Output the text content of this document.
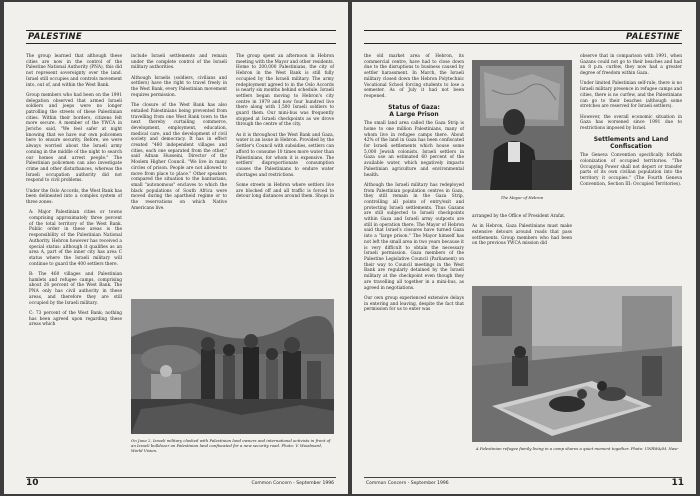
PALESTINE

The group learned that although these cities are now in the control of the Palestine National Authority (PNA), this did not represent sovereignty over the land. Israel still occupies and controls movement into, out of, and within the West Bank.

Group members who had been on the 1991 delegation observed that armed Israeli soldiers and jeeps were no longer patrolling the streets of these Palestinian cities. Within their borders, citizens felt more secure. A member of the YWCA in Jericho said, "We feel safer at night knowing that we have our own policemen here to ensure security. Before, we were always worried about the Israeli army coming in the middle of the night to search our homes and arrest people." The Palestinian policemen can also investigate crime and other disturbances, whereas the Israeli occupation authority did not respond to civil problems.

Under the Oslo Accords, the West Bank has been delineated into a complex system of three zones:

A: Major Palestinian cities or towns comprising approximately three percent of the total territory of the West Bank. Public order in these areas is the responsibility of the Palestinian National Authority. Hebron however has received a special status: although it qualifies as an area A, part of the inner city has area C status where the Israeli military will continue to guard the 400 settlers there.

B: The 460 villages and Palestinian hamlets and refugee camps, comprising about 26 percent of the West Bank. The PNA only has civil authority in these areas, and therefore they are still occupied by the Israeli military.

C: 73 percent of the West Bank; nothing has been agreed upon regarding these areas which

include Israeli settlements and remain under the complete control of the Israeli military authorities.

Although Israelis (soldiers, civilians and settlers) have the right to travel freely in the West Bank, every Palestinian movement requires permission.

The closure of the West Bank has also entailed Palestinians being prevented from travelling from one West Bank town to the next thereby curtailing commerce, development, employment, education, medical care, and the development of civil society and democracy. It has in effect created "460 independent villages and cities, each one separated from the other," said Adnan Husseini, Director of the Moslem Higher Council. "We live in many circles of prison. People are not allowed to move from place to place." Other speakers compared the situation to the bantustans, small "autonomous" enclaves to which the black populations of South Africa were moved during the apartheid regime or to the reservations on which Native Americans live.

The group spent an afternoon in Hebron meeting with the Mayor and other residents. Home to 200,000 Palestinians, the city of Hebron in the West Bank is still fully occupied by the Israeli military. The army redeployment agreed to in the Oslo Accords is nearly six months behind schedule. Israeli settlers began moving to Hebron's city centre in 1979 and now four hundred live there along with 1,500 Israeli soldiers to guard them. Our mini-bus was frequently stopped at Israeli checkpoints as we drove through the centre of the city.

As it is throughout the West Bank and Gaza, water is an issue in Hebron. Provided by the Settler's Council with subsidies, settlers can afford to consume 10 times more water than Palestinians, for whom it is expensive. The settlers' disproportionate consumption causes the Palestinians to endure water shortages and restrictions.

Some streets in Hebron where settlers live are blocked off and all traffic is forced to detour long distances around them. Shops in

On June 2, Israeli military clashed with Palestinian land owners and international activists in front of an Israeli bulldozer on Palestinian land confiscated for a new security road. Photo: V. Woodward, World Vision.
10	Common Concern - September 1996
PALESTINE

the old market area of Hebron, its commercial centre, have had to close down due to the disruptions to business caused by settler harassment. In March, the Israeli military closed down the Hebron Polytechnic Vocational School forcing students to lose a semester. As of July it had not been reopened.

Status of Gaza:
A Large Prison

The small land area called the Gaza Strip is home to one million Palestinians, many of whom live in refugee camps there. About 42% of the land in Gaza has been confiscated for Israeli settlements which house some 5,000 Jewish colonists. Israeli settlers in Gaza use an estimated 60 percent of the available water, which negatively impacts Palestinian agriculture and environmental health.

Although the Israeli military has redeployed from Palestinian population centres in Gaza, they still remain in the Gaza Strip, controlling all points of entry/exit and protecting Israeli settlements. Thus Gazans are still subjected to Israeli checkpoints within Gaza and Israeli army outposts are still in operation there. The Mayor of Hebron said that Israel's closures have turned Gaza into a "large prison." The Mayor himself has not left the small area in two years because it is very difficult to obtain the necessary Israeli permission. Gaza members of the Palestine Legislative Council (Parliament) on their way to Council meetings in the West Bank are regularly detained by the Israeli military at the checkpoint even though they are travelling all together in a mini-bus, as agreed in negotiations.

Our own group experienced extensive delays in entering and leaving, despite the fact that permission for us to enter was

The Mayor of Hebron

arranged by the Office of President Arafat.

As in Hebron, Gaza Palestinians must make extensive detours around roads that pass settlements. Group members who had been on the previous YWCA mission did

observe that in comparison with 1991, when Gazans could not go to their beaches and had an 8 p.m. curfew, they now had a greater degree of freedom within Gaza.

Under limited Palestinian self-rule, there is no Israeli military presence in refugee camps and cities, there is no curfew, and the Palestinians can go to their beaches (although some stretches are reserved for Israeli settlers).

However, the overall economic situation in Gaza has worsened since 1991 due to restrictions imposed by Israel.

Settlements and Land
Confiscation

The Geneva Convention specifically forbids colonization of occupied territories. "The Occupying Power shall not deport or transfer parts of its own civilian population into the territory it occupies." (The Fourth Geneva Convention, Section III: Occupied Territories).

A Palestinian refugee family living in a camp shares a quiet moment together. Photo: UNRWA/M. Nasr
Common Concern - September 1996	11
